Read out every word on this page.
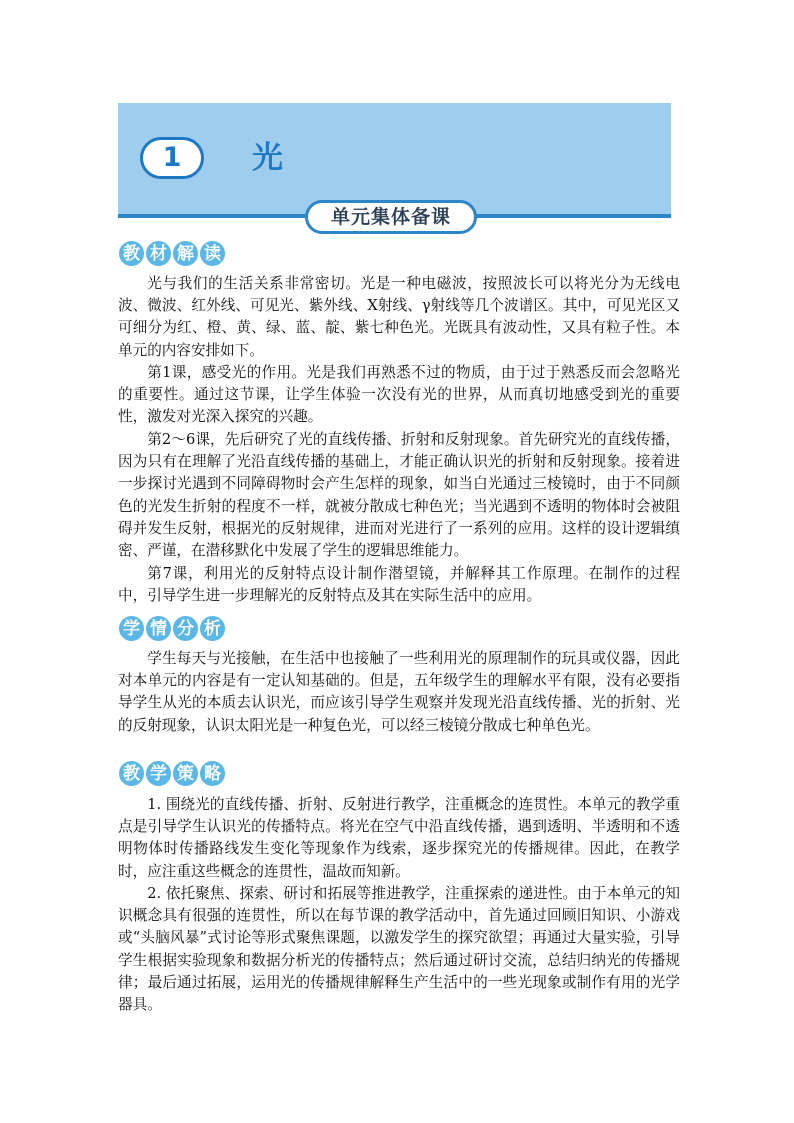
1	光
单元集体备课
教 材 解 读

光与我们的生活关系非常密切。光是一种电磁波，按照波长可以将光分为无线电波、微波、红外线、可见光、紫外线、X射线、γ射线等几个波谱区。其中，可见光区又可细分为红、橙、黄、绿、蓝、靛、紫七种色光。光既具有波动性，又具有粒子性。本单元的内容安排如下。

第1课，感受光的作用。光是我们再熟悉不过的物质，由于过于熟悉反而会忽略光的重要性。通过这节课，让学生体验一次没有光的世界，从而真切地感受到光的重要性，激发对光深入探究的兴趣。

第2～6课，先后研究了光的直线传播、折射和反射现象。首先研究光的直线传播，因为只有在理解了光沿直线传播的基础上，才能正确认识光的折射和反射现象。接着进一步探讨光遇到不同障碍物时会产生怎样的现象，如当白光通过三棱镜时，由于不同颜色的光发生折射的程度不一样，就被分散成七种色光；当光遇到不透明的物体时会被阻碍并发生反射，根据光的反射规律，进而对光进行了一系列的应用。这样的设计逻辑缜密、严谨，在潜移默化中发展了学生的逻辑思维能力。

第7课，利用光的反射特点设计制作潜望镜，并解释其工作原理。在制作的过程中，引导学生进一步理解光的反射特点及其在实际生活中的应用。

学 情 分 析

学生每天与光接触，在生活中也接触了一些利用光的原理制作的玩具或仪器，因此对本单元的内容是有一定认知基础的。但是，五年级学生的理解水平有限，没有必要指导学生从光的本质去认识光，而应该引导学生观察并发现光沿直线传播、光的折射、光的反射现象，认识太阳光是一种复色光，可以经三棱镜分散成七种单色光。

教 学 策 略

1. 围绕光的直线传播、折射、反射进行教学，注重概念的连贯性。本单元的教学重点是引导学生认识光的传播特点。将光在空气中沿直线传播，遇到透明、半透明和不透明物体时传播路线发生变化等现象作为线索，逐步探究光的传播规律。因此，在教学时，应注重这些概念的连贯性，温故而知新。

2. 依托聚焦、探索、研讨和拓展等推进教学，注重探索的递进性。由于本单元的知识概念具有很强的连贯性，所以在每节课的教学活动中，首先通过回顾旧知识、小游戏或“头脑风暴”式讨论等形式聚焦课题，以激发学生的探究欲望；再通过大量实验，引导学生根据实验现象和数据分析光的传播特点；然后通过研讨交流，总结归纳光的传播规律；最后通过拓展，运用光的传播规律解释生产生活中的一些光现象或制作有用的光学器具。
